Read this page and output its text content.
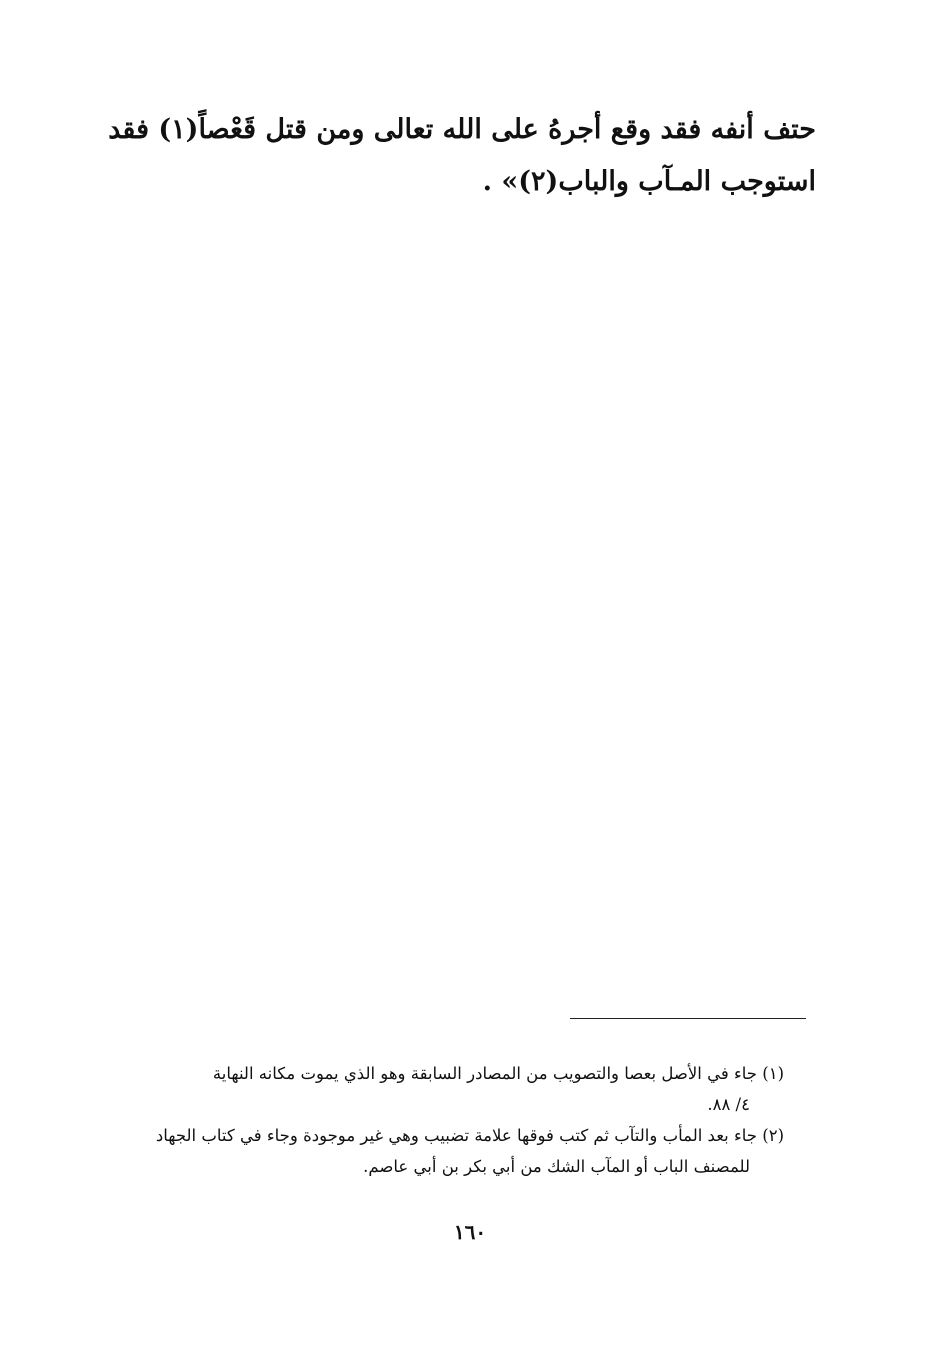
حتف أنفه فقد وقع أجرهُ على الله تعالى ومن قتل قَعْصاً(١) فقد
استوجب المـآب والباب(٢)» .
(١) جاء في الأصل بعصا والتصويب من المصادر السابقة وهو الذي يموت مكانه النهاية
٤/ ٨٨.
(٢) جاء بعد المأب والتآب ثم كتب فوقها علامة تضبيب وهي غير موجودة وجاء في كتاب الجهاد
للمصنف الباب أو المآب الشك من أبي بكر بن أبي عاصم.
١٦٠
